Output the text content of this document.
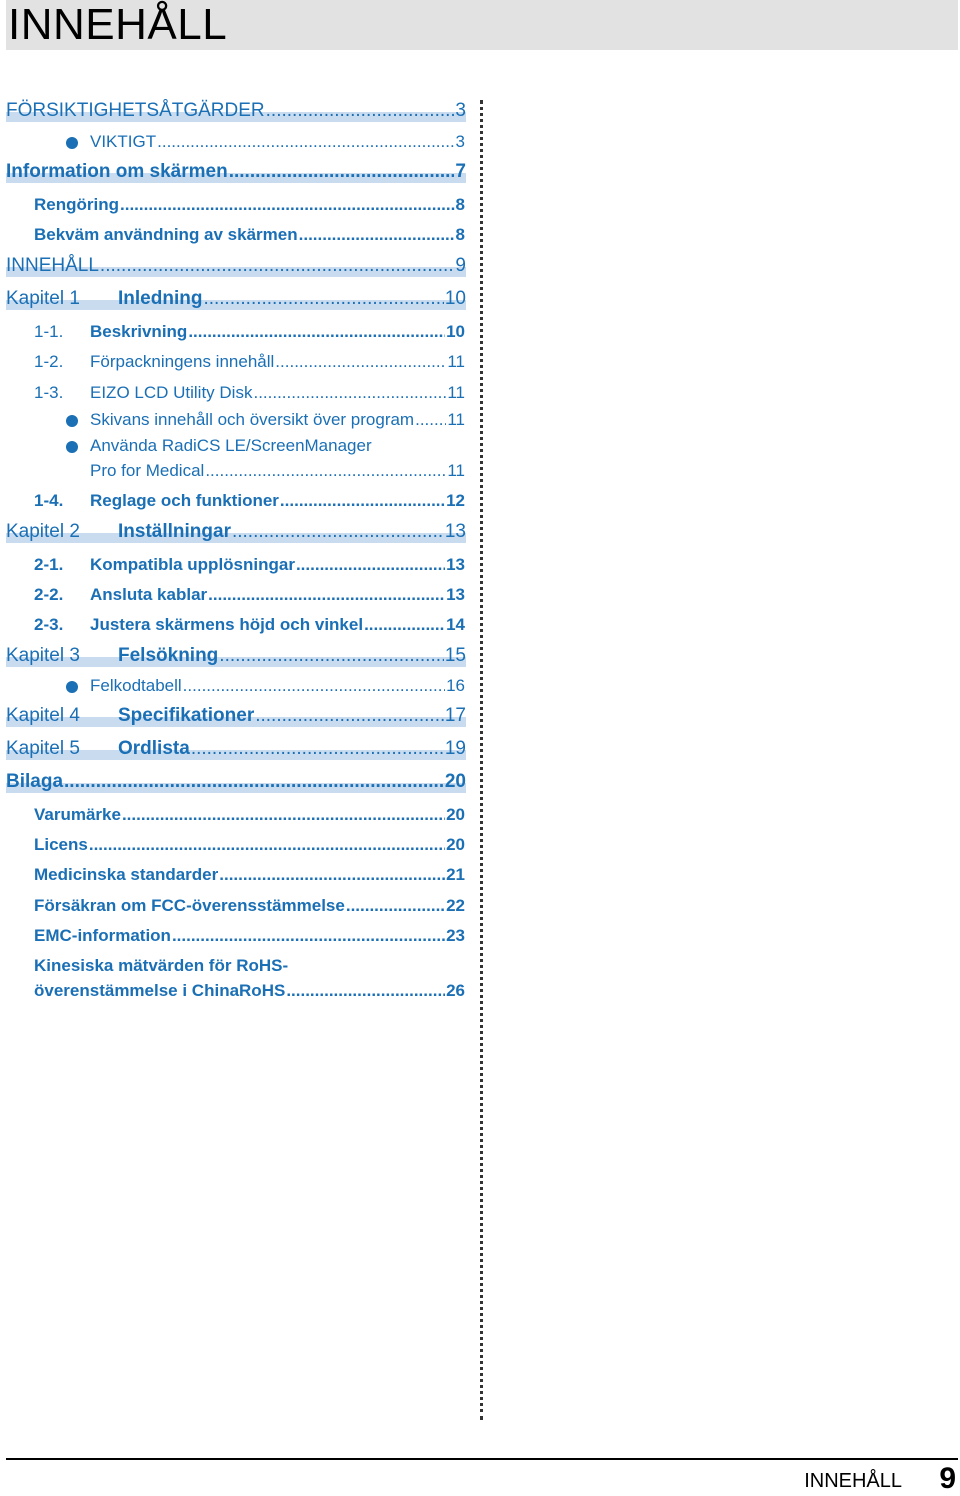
INNEHÅLL
FÖRSIKTIGHETSÅTGÄRDER .....	3
VIKTIGT .....	3
Information om skärmen .....	7
Rengöring .....	8
Bekväm användning av skärmen .....	8
INNEHÅLL .....	9
Kapitel 1	Inledning .....	10
1-1.	Beskrivning .....	10
1-2.	Förpackningens innehåll .....	11
1-3.	EIZO LCD Utility Disk .....	11
Skivans innehåll och översikt över program ..... 11
Använda RadiCS LE/ScreenManager
Pro for Medical .....	11
1-4.	Reglage och funktioner .....	12
Kapitel 2	Inställningar .....	13
2-1.	Kompatibla upplösningar .....	13
2-2.	Ansluta kablar .....	13
2-3.	Justera skärmens höjd och vinkel .....	14
Kapitel 3	Felsökning .....	15
Felkodtabell .....	16
Kapitel 4	Specifikationer .....	17
Kapitel 5	Ordlista .....	19
Bilaga .....	20
Varumärke .....	20
Licens .....	20
Medicinska standarder .....	21
Försäkran om FCC-överensstämmelse .....	22
EMC-information .....	23
Kinesiska mätvärden för RoHS-
överenstämmelse i ChinaRoHS .....	26
INNEHÅLL 9
